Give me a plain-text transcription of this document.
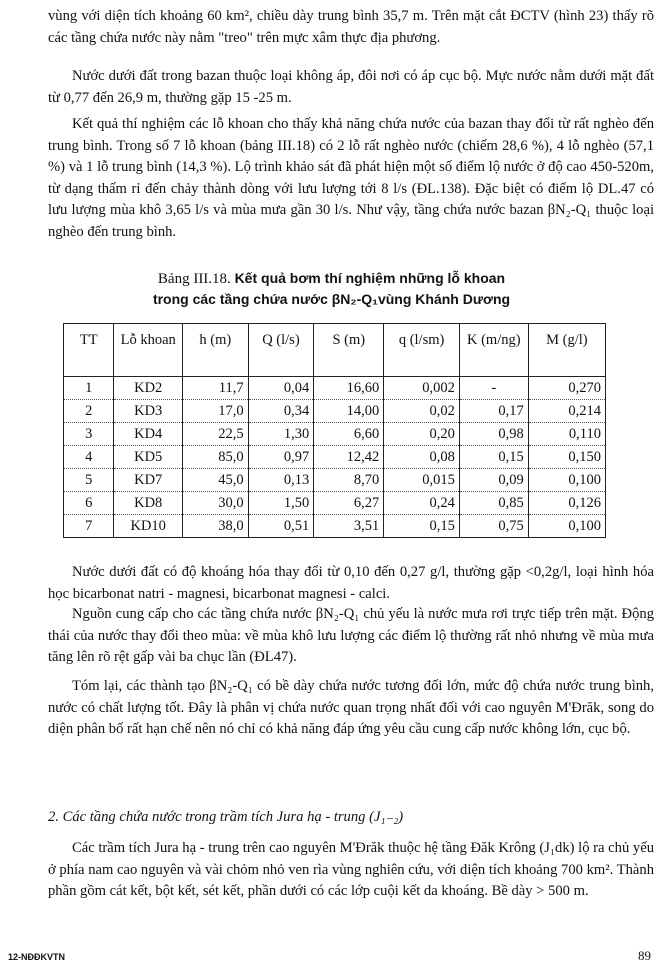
vùng với diện tích khoảng 60 km², chiều dày trung bình 35,7 m. Trên mặt cắt ĐCTV (hình 23) thấy rõ các tầng chứa nước này nằm "treo" trên mực xâm thực địa phương.

Nước dưới đất trong bazan thuộc loại không áp, đôi nơi có áp cục bộ. Mực nước nằm dưới mặt đất từ 0,77 đến 26,9 m, thường gặp 15 -25 m.

Kết quả thí nghiệm các lỗ khoan cho thấy khả năng chứa nước của bazan thay đổi từ rất nghèo đến trung bình. Trong số 7 lỗ khoan (bảng III.18) có 2 lỗ rất nghèo nước (chiếm 28,6 %), 4 lỗ nghèo (57,1 %) và 1 lỗ trung bình (14,3 %). Lộ trình khảo sát đã phát hiện một số điểm lộ nước ở độ cao 450-520m, từ dạng thấm rỉ đến chảy thành dòng với lưu lượng tới 8 l/s (ĐL.138). Đặc biệt có điểm lộ DL.47 có lưu lượng mùa khô 3,65 l/s và mùa mưa gần 30 l/s. Như vậy, tầng chứa nước bazan βN₂-Q₁ thuộc loại nghèo đến trung bình.

Bảng III.18. Kết quả bơm thí nghiệm những lỗ khoan

trong các tầng chứa nước βN₂-Q₁vùng Khánh Dương

TT	Lỗ khoan	h (m)	Q (l/s)	S (m)	q (l/sm)	K (m/ng)	M (g/l)
1	KD2	11,7	0,04	16,60	0,002	-	0,270
2	KD3	17,0	0,34	14,00	0,02	0,17	0,214
3	KD4	22,5	1,30	6,60	0,20	0,98	0,110
4	KD5	85,0	0,97	12,42	0,08	0,15	0,150
5	KD7	45,0	0,13	8,70	0,015	0,09	0,100
6	KD8	30,0	1,50	6,27	0,24	0,85	0,126
7	KD10	38,0	0,51	3,51	0,15	0,75	0,100

Nước dưới đất có độ khoáng hóa thay đổi từ 0,10 đến 0,27 g/l, thường gặp <0,2g/l, loại hình hóa học bicarbonat natri - magnesi, bicarbonat magnesi - calci.

Nguồn cung cấp cho các tầng chứa nước βN₂-Q₁ chủ yếu là nước mưa rơi trực tiếp trên mặt. Động thái của nước thay đổi theo mùa: về mùa khô lưu lượng các điểm lộ thường rất nhỏ nhưng về mùa mưa tăng lên rõ rệt gấp vài ba chục lần (ĐL47).

Tóm lại, các thành tạo βN₂-Q₁ có bề dày chứa nước tương đối lớn, mức độ chứa nước trung bình, nước có chất lượng tốt. Đây là phân vị chứa nước quan trọng nhất đối với cao nguyên M'Đrăk, song do diện phân bố rất hạn chế nên nó chỉ có khả năng đáp ứng yêu cầu cung cấp nước không lớn, cục bộ.

2. Các tầng chứa nước trong trầm tích Jura hạ - trung (J₁₋₂)

Các trầm tích Jura hạ - trung trên cao nguyên M'Đrăk thuộc hệ tầng Đăk Krông (J₁dk) lộ ra chủ yếu ở phía nam cao nguyên và vài chỏm nhỏ ven rìa vùng nghiên cứu, với diện tích khoảng 700 km². Thành phần gồm cát kết, bột kết, sét kết, phần dưới có các lớp cuội kết da khoáng. Bề dày > 500 m.

12-NĐĐKVTN	89
